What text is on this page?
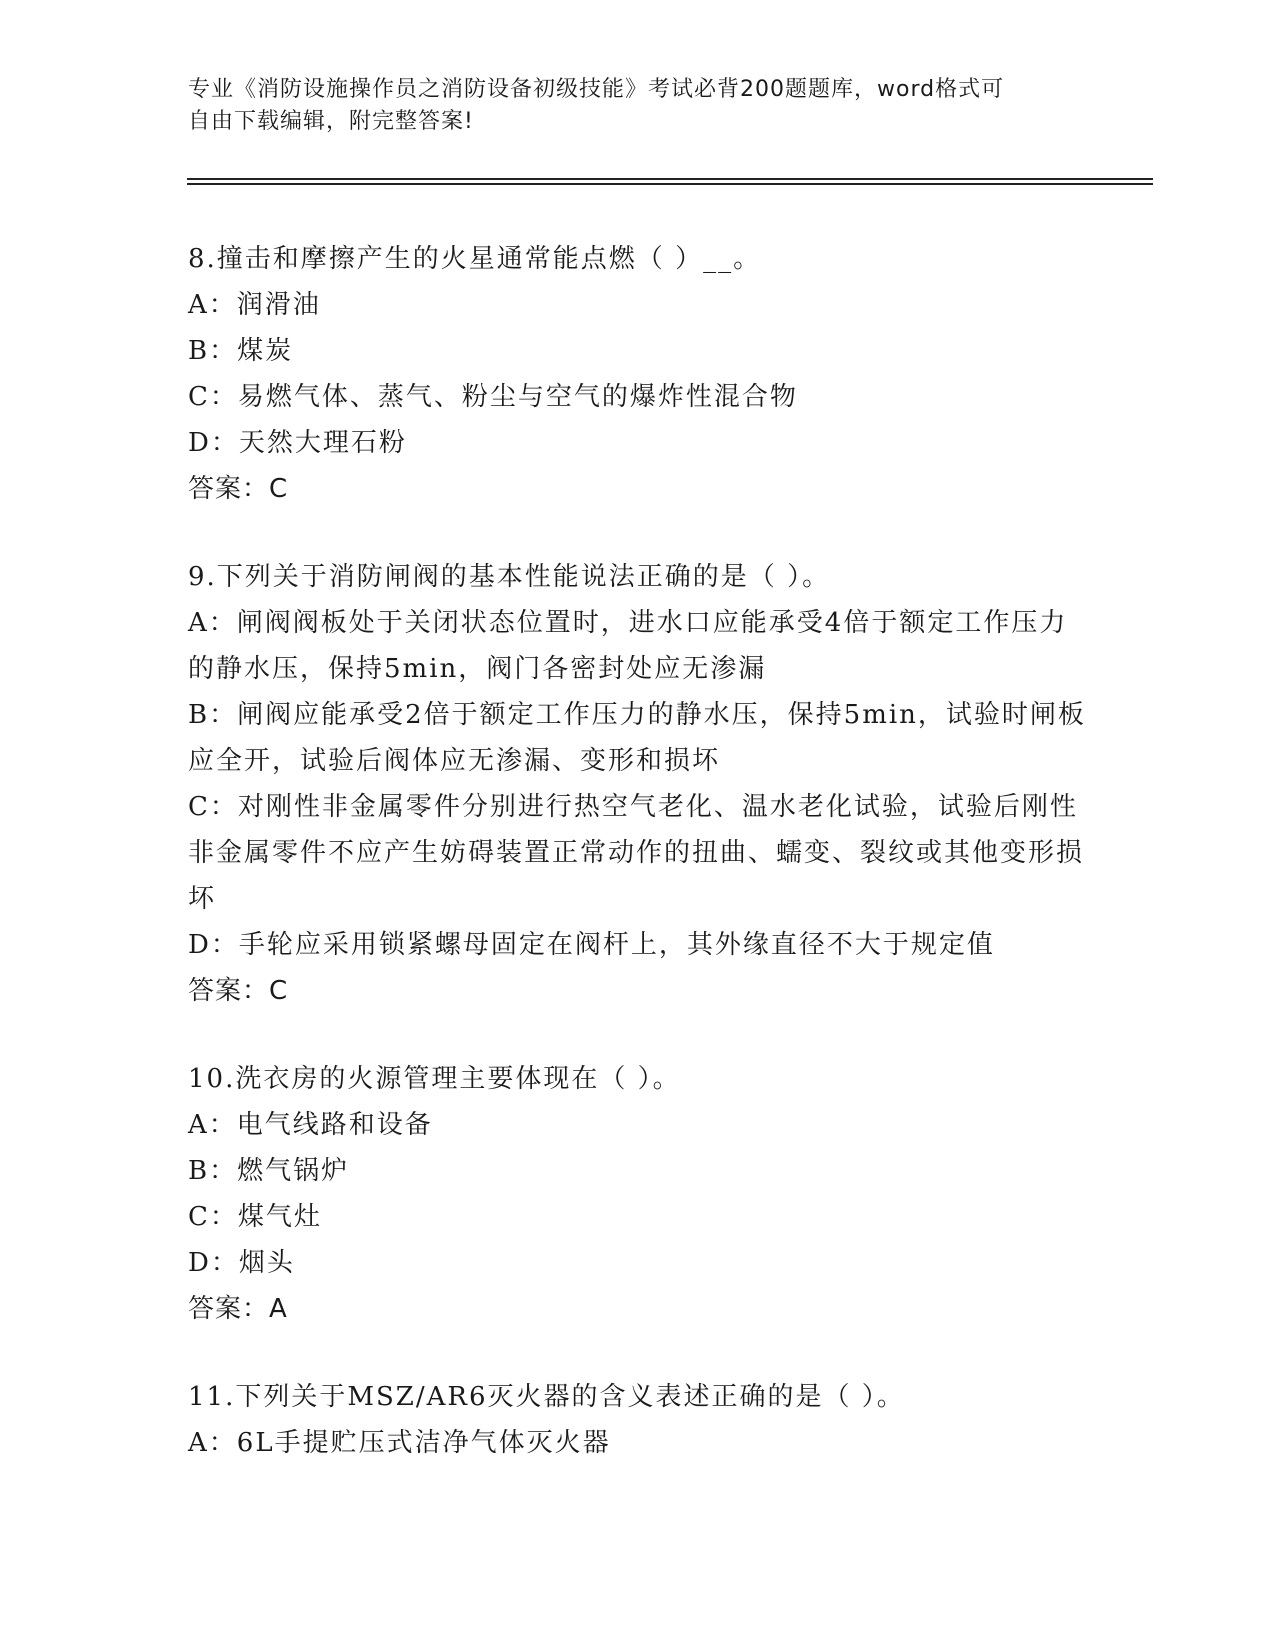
专业《消防设施操作员之消防设备初级技能》考试必背200题题库，word格式可

自由下载编辑，附完整答案!

8.撞击和摩擦产生的火星通常能点燃（ ）__。

A：润滑油

B：煤炭

C：易燃气体、蒸气、粉尘与空气的爆炸性混合物

D：天然大理石粉

答案：C

9.下列关于消防闸阀的基本性能说法正确的是（ ）。

A：闸阀阀板处于关闭状态位置时，进水口应能承受4倍于额定工作压力的静水压，保持5min，阀门各密封处应无渗漏

B：闸阀应能承受2倍于额定工作压力的静水压，保持5min，试验时闸板应全开，试验后阀体应无渗漏、变形和损坏

C：对刚性非金属零件分别进行热空气老化、温水老化试验，试验后刚性非金属零件不应产生妨碍装置正常动作的扭曲、蠕变、裂纹或其他变形损坏

D：手轮应采用锁紧螺母固定在阀杆上，其外缘直径不大于规定值

答案：C

10.洗衣房的火源管理主要体现在（ ）。

A：电气线路和设备

B：燃气锅炉

C：煤气灶

D：烟头

答案：A

11.下列关于MSZ/AR6灭火器的含义表述正确的是（ ）。

A：6L手提贮压式洁净气体灭火器
